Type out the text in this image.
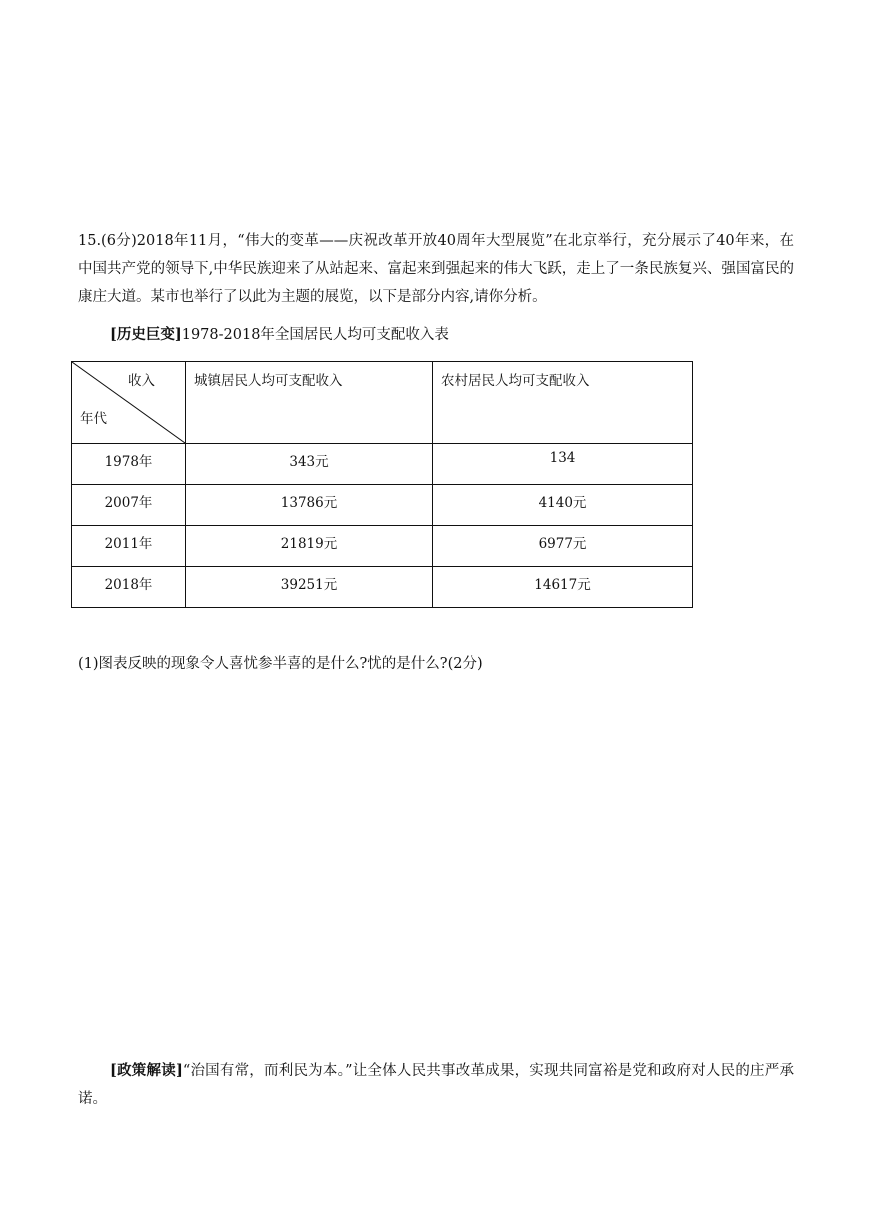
15.(6分)2018年11月，“伟大的变革——庆祝改革开放40周年大型展览”在北京举行，充分展示了40年来，在中国共产党的领导下,中华民族迎来了从站起来、富起来到强起来的伟大飞跃，走上了一条民族复兴、强国富民的康庄大道。某市也举行了以此为主题的展览，以下是部分内容,请你分析。

[历史巨变]1978-2018年全国居民人均可支配收入表
收入
年代	城镇居民人均可支配收入	农村居民人均可支配收入
1978年	343元	134
2007年	13786元	4140元
2011年	21819元	6977元
2018年	39251元	14617元
(1)图表反映的现象令人喜忧参半喜的是什么?忧的是什么?(2分)

[政策解读]“治国有常，而利民为本。”让全体人民共事改革成果，实现共同富裕是党和政府对人民的庄严承诺。
